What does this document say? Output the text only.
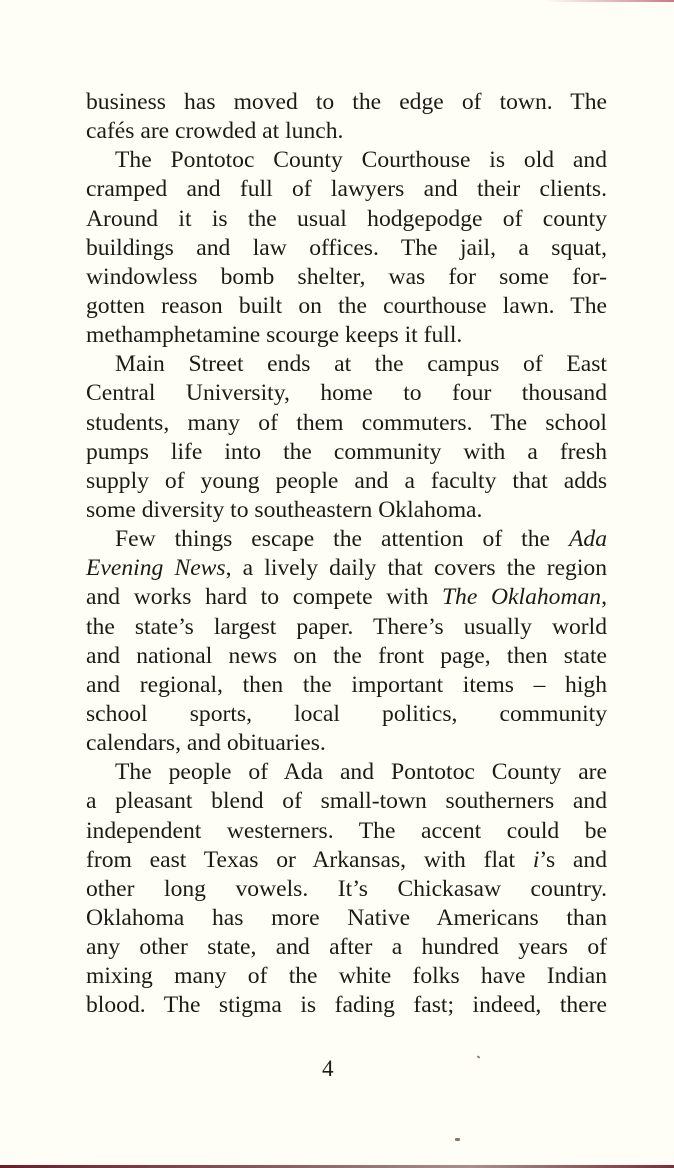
business has moved to the edge of town. The
cafés are crowded at lunch.
The Pontotoc County Courthouse is old and
cramped and full of lawyers and their clients.
Around it is the usual hodgepodge of county
buildings and law offices. The jail, a squat,
windowless bomb shelter, was for some for-
gotten reason built on the courthouse lawn. The
methamphetamine scourge keeps it full.
Main Street ends at the campus of East
Central University, home to four thousand
students, many of them commuters. The school
pumps life into the community with a fresh
supply of young people and a faculty that adds
some diversity to southeastern Oklahoma.
Few things escape the attention of the Ada
Evening News, a lively daily that covers the region
and works hard to compete with The Oklahoman,
the state’s largest paper. There’s usually world
and national news on the front page, then state
and regional, then the important items – high
school sports, local politics, community
calendars, and obituaries.
The people of Ada and Pontotoc County are
a pleasant blend of small-town southerners and
independent westerners. The accent could be
from east Texas or Arkansas, with flat i’s and
other long vowels. It’s Chickasaw country.
Oklahoma has more Native Americans than
any other state, and after a hundred years of
mixing many of the white folks have Indian
blood. The stigma is fading fast; indeed, there
4
